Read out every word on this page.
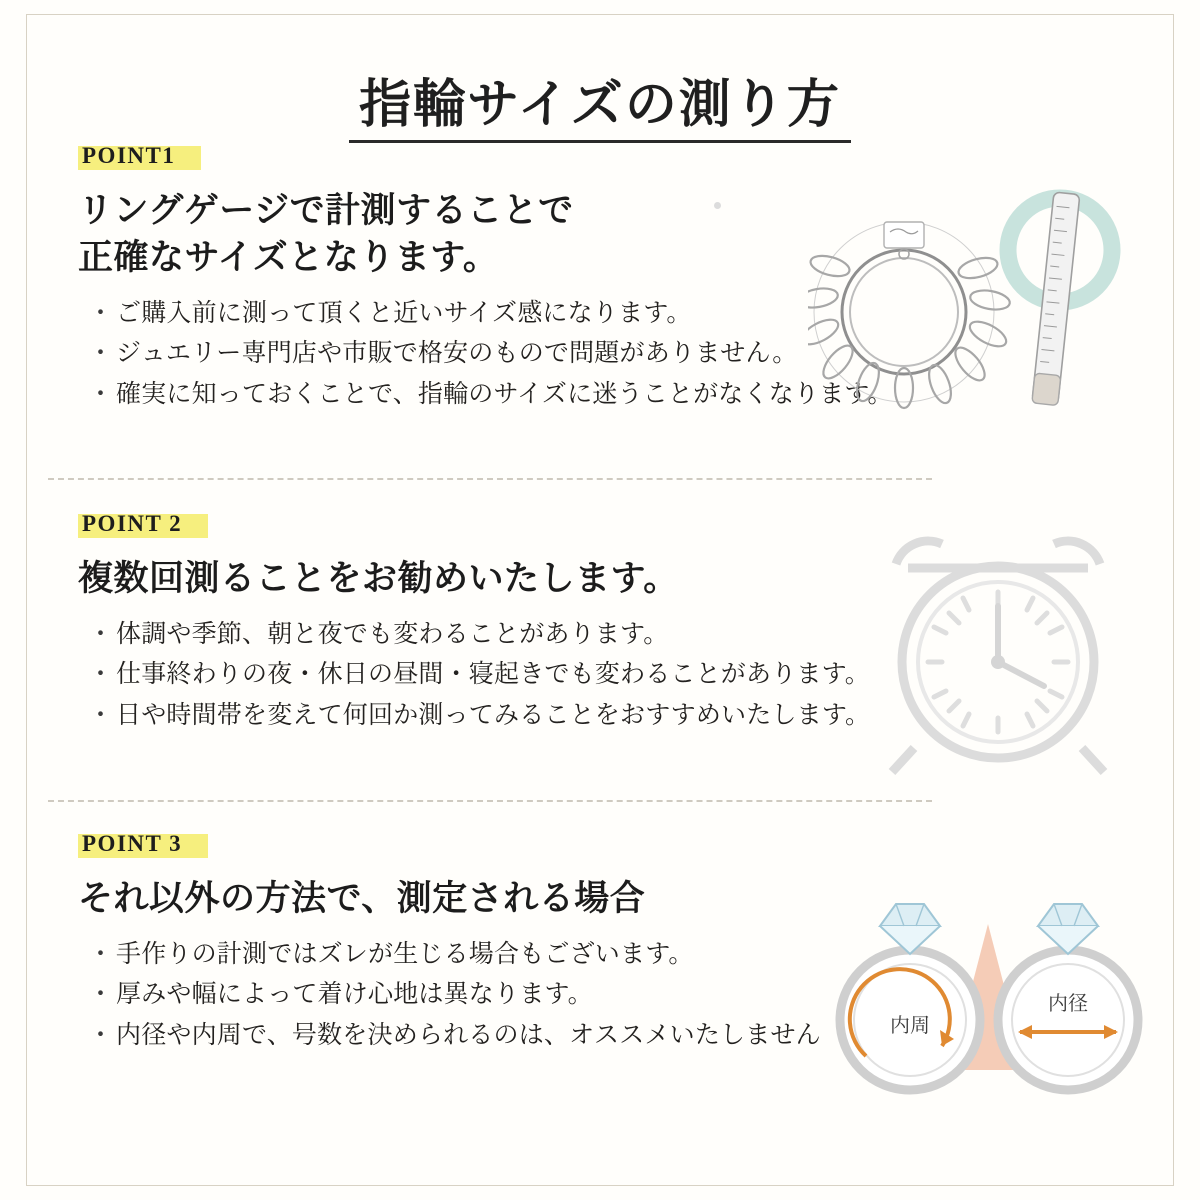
指輪サイズの測り方
POINT1
リングゲージで計測することで
正確なサイズとなります。
・ ご購入前に測って頂くと近いサイズ感になります。
・ ジュエリー専門店や市販で格安のもので問題がありません。
・ 確実に知っておくことで、指輪のサイズに迷うことがなくなります。
POINT 2
複数回測ることをお勧めいたします。
・ 体調や季節、朝と夜でも変わることがあります。
・ 仕事終わりの夜・休日の昼間・寝起きでも変わることがあります。
・ 日や時間帯を変えて何回か測ってみることをおすすめいたします。
POINT 3
それ以外の方法で、測定される場合
・ 手作りの計測ではズレが生じる場合もございます。
・ 厚みや幅によって着け心地は異なります。
・ 内径や内周で、号数を決められるのは、オススメいたしません	内周
内径
